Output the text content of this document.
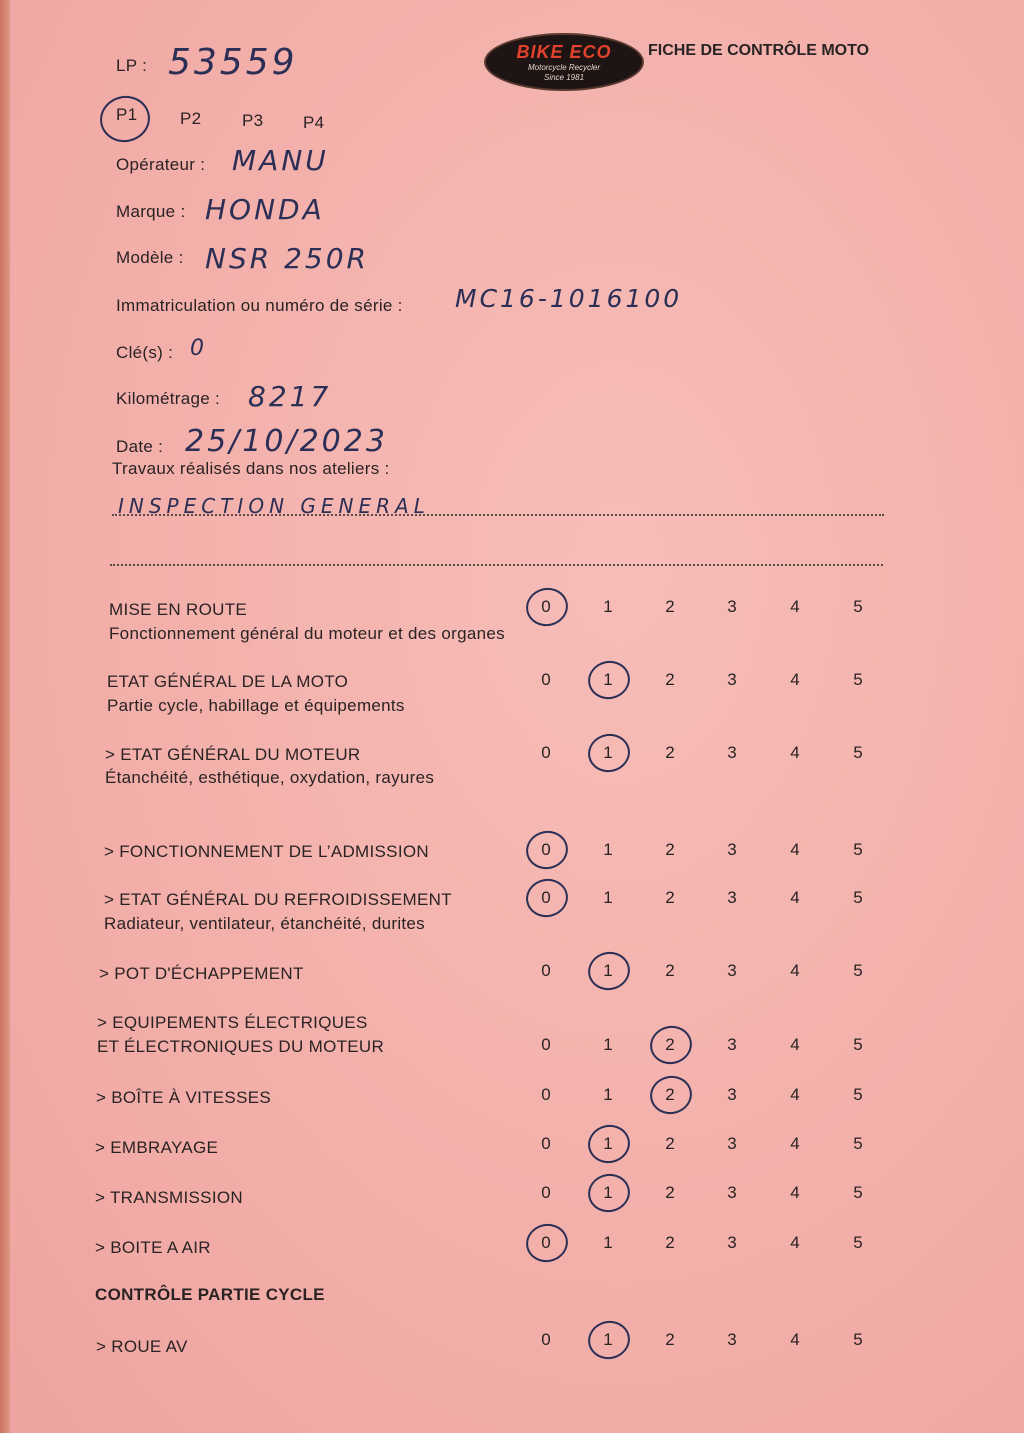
BIKE ECO
Motorcycle Recycler
Since 1981
FICHE DE CONTRÔLE MOTO
LP : 53559
P1	P2 P3 P4
Opérateur : MANU
Marque : HONDA
Modèle : NSR 250R
Immatriculation ou numéro de série : MC16-1016100
Clé(s) : 0
Kilométrage : 8217
Date : 25/10/2023
Travaux réalisés dans nos ateliers :
INSPECTION GENERAL
MISE EN ROUTE
Fonctionnement général du moteur et des organes
0	1	2	3	4	5
ETAT GÉNÉRAL DE LA MOTO
Partie cycle, habillage et équipements
0	1	2	3	4	5
> ETAT GÉNÉRAL DU MOTEUR
Étanchéité, esthétique, oxydation, rayures
0	1	2	3	4	5
> FONCTIONNEMENT DE L’ADMISSION	0	1	2	3	4	5
> ETAT GÉNÉRAL DU REFROIDISSEMENT
Radiateur, ventilateur, étanchéité, durites
0	1	2	3	4	5
> POT D'ÉCHAPPEMENT	0	1	2	3	4	5
> EQUIPEMENTS ÉLECTRIQUES
ET ÉLECTRONIQUES DU MOTEUR	0	1	2	3	4	5
> BOÎTE À VITESSES	0	1	2	3	4	5
> EMBRAYAGE	0	1	2	3	4	5
> TRANSMISSION	0	1	2	3	4	5
> BOITE A AIR	0	1	2	3	4	5
CONTRÔLE PARTIE CYCLE
> ROUE AV	0	1	2	3	4	5
